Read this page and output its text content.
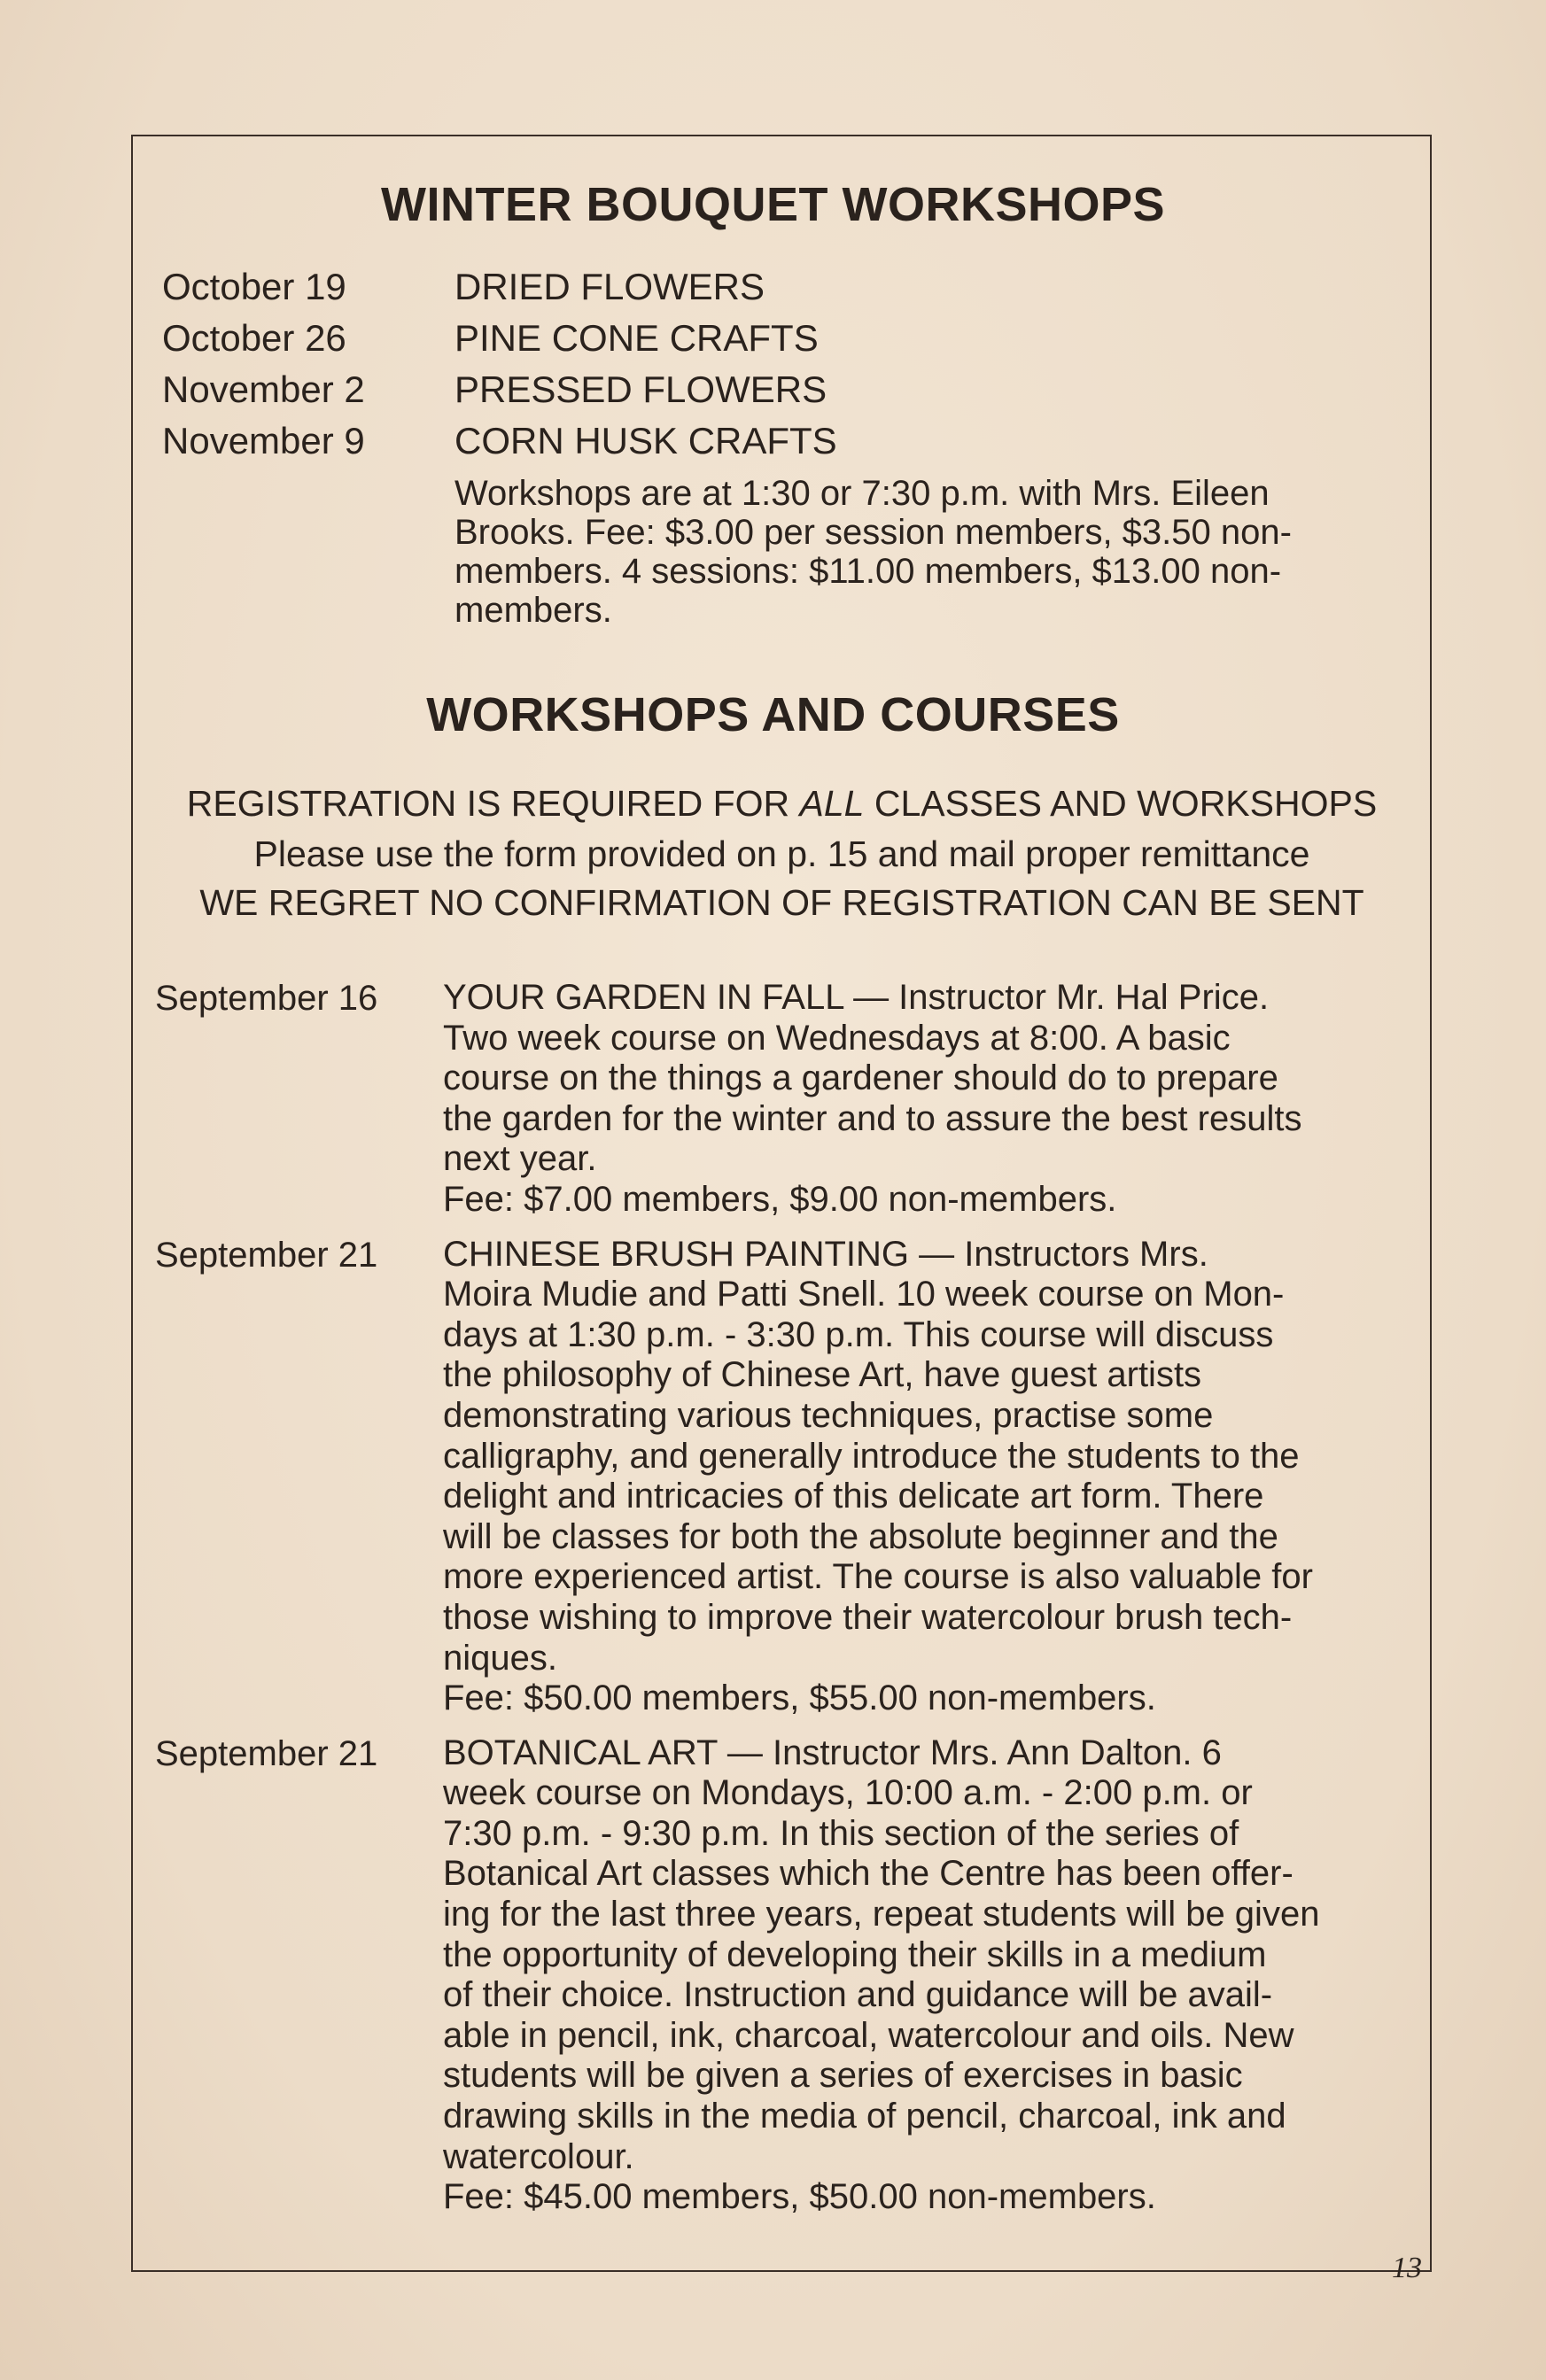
WINTER BOUQUET WORKSHOPS
October 19	DRIED FLOWERS
October 26	PINE CONE CRAFTS
November 2	PRESSED FLOWERS
November 9	CORN HUSK CRAFTS
Workshops are at 1:30 or 7:30 p.m. with Mrs. Eileen
Brooks. Fee: $3.00 per session members, $3.50 non-
members. 4 sessions: $11.00 members, $13.00 non-
members.
WORKSHOPS AND COURSES
REGISTRATION IS REQUIRED FOR ALL CLASSES AND WORKSHOPS
Please use the form provided on p. 15 and mail proper remittance
WE REGRET NO CONFIRMATION OF REGISTRATION CAN BE SENT
September 16	YOUR GARDEN IN FALL — Instructor Mr. Hal Price.

Two week course on Wednesdays at 8:00. A basic

course on the things a gardener should do to prepare

the garden for the winter and to assure the best results

next year.

Fee: $7.00 members, $9.00 non-members.

September 21	CHINESE BRUSH PAINTING — Instructors Mrs.

Moira Mudie and Patti Snell. 10 week course on Mon-

days at 1:30 p.m. - 3:30 p.m. This course will discuss

the philosophy of Chinese Art, have guest artists

demonstrating various techniques, practise some

calligraphy, and generally introduce the students to the

delight and intricacies of this delicate art form. There

will be classes for both the absolute beginner and the

more experienced artist. The course is also valuable for

those wishing to improve their watercolour brush tech-

niques.

Fee: $50.00 members, $55.00 non-members.

September 21	BOTANICAL ART — Instructor Mrs. Ann Dalton. 6

week course on Mondays, 10:00 a.m. - 2:00 p.m. or

7:30 p.m. - 9:30 p.m. In this section of the series of

Botanical Art classes which the Centre has been offer-

ing for the last three years, repeat students will be given

the opportunity of developing their skills in a medium

of their choice. Instruction and guidance will be avail-

able in pencil, ink, charcoal, watercolour and oils. New

students will be given a series of exercises in basic

drawing skills in the media of pencil, charcoal, ink and

watercolour.

Fee: $45.00 members, $50.00 non-members.

13
